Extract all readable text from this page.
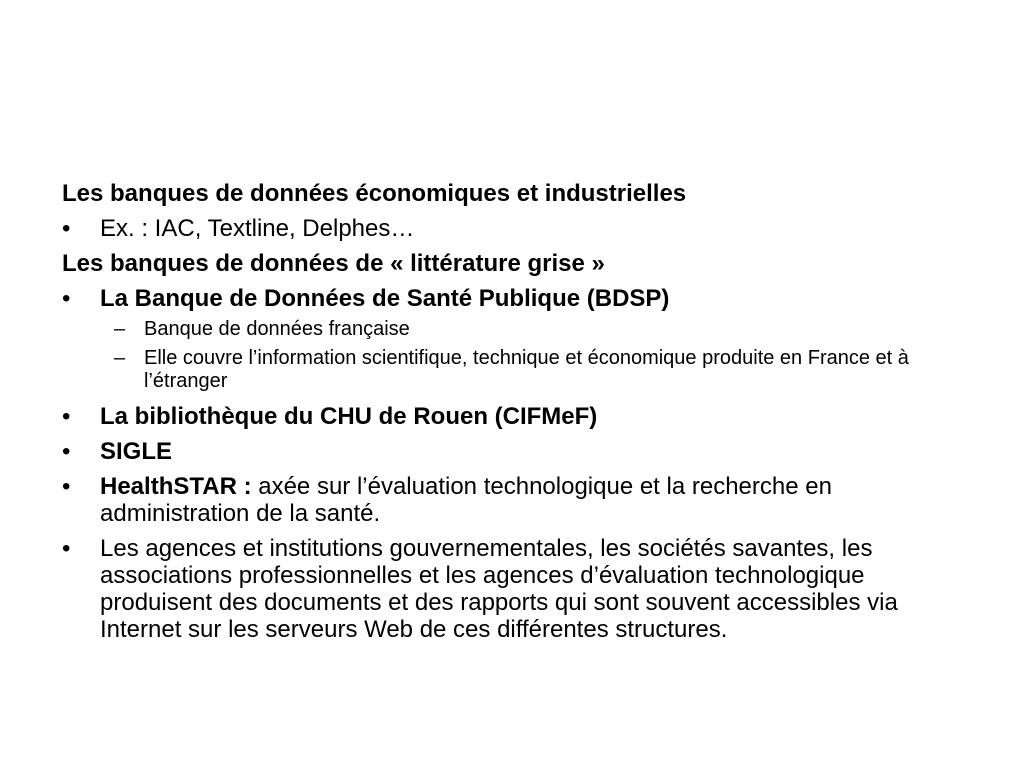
Les banques de données économiques et industrielles

•	Ex. : IAC, Textline, Delphes…

Les banques de données de « littérature grise »

•	La Banque de Données de Santé Publique (BDSP)
– Banque de données française
– Elle couvre l’information scientifique, technique et économique produite en France et à l’étranger
•	La bibliothèque du CHU de Rouen (CIFMeF)
•	SIGLE
•	HealthSTAR : axée sur l’évaluation technologique et la recherche en administration de la santé.
•	Les agences et institutions gouvernementales, les sociétés savantes, les associations professionnelles et les agences d’évaluation technologique produisent des documents et des rapports qui sont souvent accessibles via Internet sur les serveurs Web de ces différentes structures.
